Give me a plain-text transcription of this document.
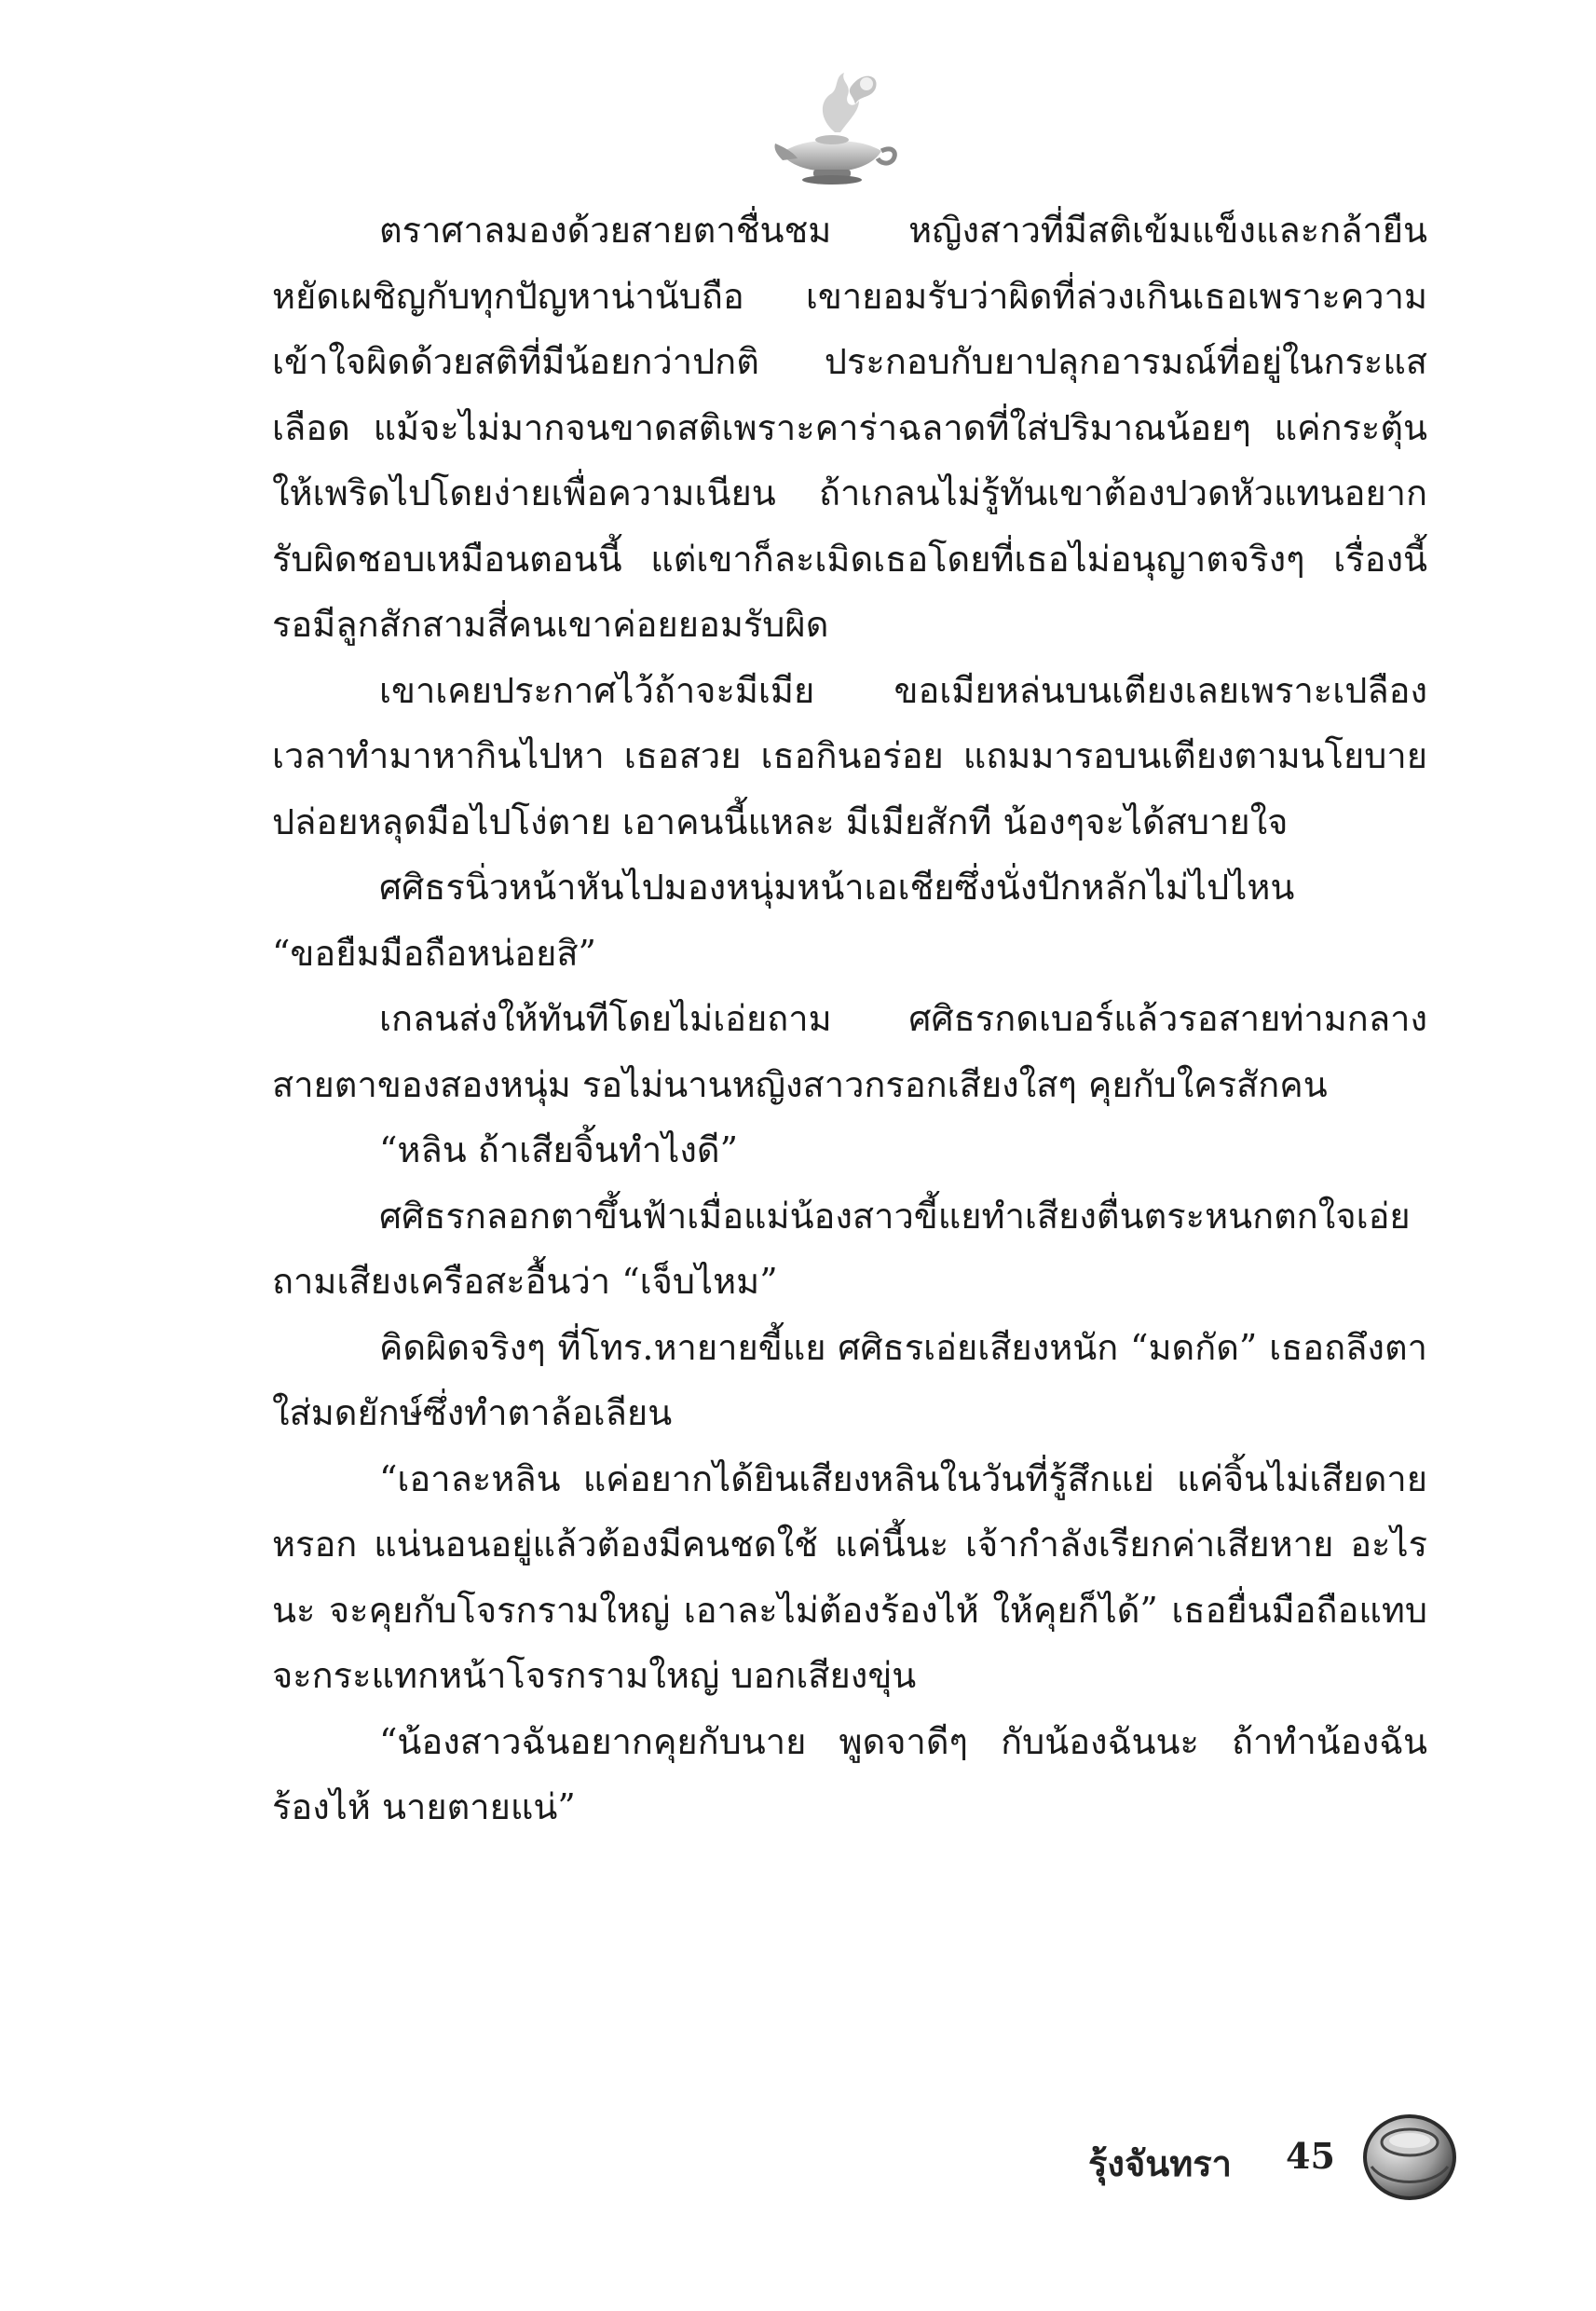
ตราศาลมองด้วยสายตาชื่นชม หญิงสาวที่มีสติเข้มแข็งและกล้ายืนหยัดเผชิญกับทุกปัญหาน่านับถือ เขายอมรับว่าผิดที่ล่วงเกินเธอเพราะความเข้าใจผิดด้วยสติที่มีน้อยกว่าปกติ ประกอบกับยาปลุกอารมณ์ที่อยู่ในกระแสเลือด แม้จะไม่มากจนขาดสติเพราะคาร่าฉลาดที่ใส่ปริมาณน้อยๆ แค่กระตุ้นให้เพริดไปโดยง่ายเพื่อความเนียน ถ้าเกลนไม่รู้ทันเขาต้องปวดหัวแทนอยากรับผิดชอบเหมือนตอนนี้ แต่เขาก็ละเมิดเธอโดยที่เธอไม่อนุญาตจริงๆ เรื่องนี้รอมีลูกสักสามสี่คนเขาค่อยยอมรับผิด

เขาเคยประกาศไว้ถ้าจะมีเมีย ขอเมียหล่นบนเตียงเลยเพราะเปลืองเวลาทำมาหากินไปหา เธอสวย เธอกินอร่อย แถมมารอบนเตียงตามนโยบาย ปล่อยหลุดมือไปโง่ตาย เอาคนนี้แหละ มีเมียสักที น้องๆจะได้สบายใจ

ศศิธรนิ่วหน้าหันไปมองหนุ่มหน้าเอเชียซึ่งนั่งปักหลักไม่ไปไหน

“ขอยืมมือถือหน่อยสิ”

เกลนส่งให้ทันทีโดยไม่เอ่ยถาม ศศิธรกดเบอร์แล้วรอสายท่ามกลางสายตาของสองหนุ่ม รอไม่นานหญิงสาวกรอกเสียงใสๆ คุยกับใครสักคน

“หลิน ถ้าเสียจิ้นทำไงดี”

ศศิธรกลอกตาขึ้นฟ้าเมื่อแม่น้องสาวขี้แยทำเสียงตื่นตระหนกตกใจเอ่ยถามเสียงเครือสะอื้นว่า “เจ็บไหม”

คิดผิดจริงๆ ที่โทร.หายายขี้แย ศศิธรเอ่ยเสียงหนัก “มดกัด” เธอถลึงตาใส่มดยักษ์ซึ่งทำตาล้อเลียน

“เอาละหลิน แค่อยากได้ยินเสียงหลินในวันที่รู้สึกแย่ แค่จิ้นไม่เสียดายหรอก แน่นอนอยู่แล้วต้องมีคนชดใช้ แค่นี้นะ เจ้ากำลังเรียกค่าเสียหาย อะไรนะ จะคุยกับโจรกรามใหญ่ เอาละไม่ต้องร้องไห้ ให้คุยก็ได้” เธอยื่นมือถือแทบจะกระแทกหน้าโจรกรามใหญ่ บอกเสียงขุ่น

“น้องสาวฉันอยากคุยกับนาย พูดจาดีๆ กับน้องฉันนะ ถ้าทำน้องฉันร้องไห้ นายตายแน่”

รุ้งจันทรา 45
